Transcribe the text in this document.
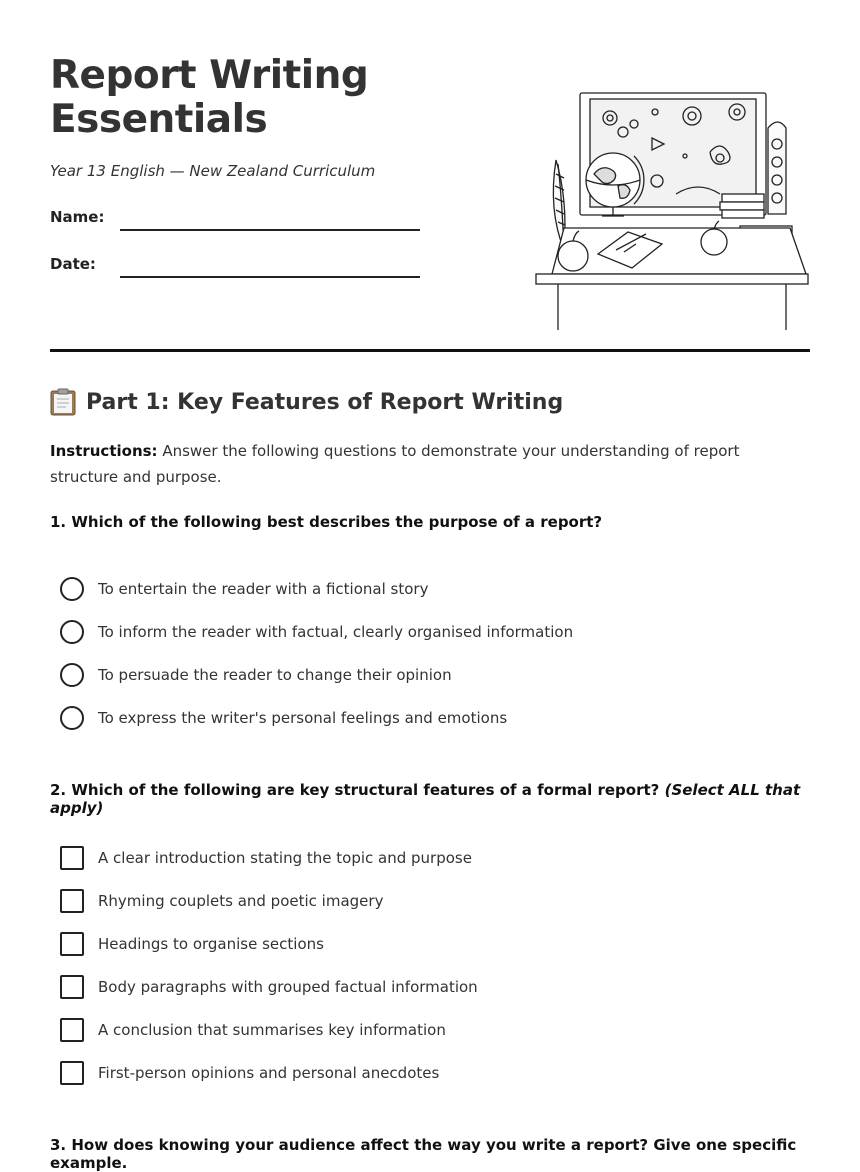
Report Writing
Essentials
Year 13 English — New Zealand Curriculum
Name:
Date:
Part 1: Key Features of Report Writing
Instructions: Answer the following questions to demonstrate your understanding of report structure and purpose.
1. Which of the following best describes the purpose of a report?
To entertain the reader with a fictional story
To inform the reader with factual, clearly organised information
To persuade the reader to change their opinion
To express the writer's personal feelings and emotions
2. Which of the following are key structural features of a formal report? (Select ALL that apply)
A clear introduction stating the topic and purpose
Rhyming couplets and poetic imagery
Headings to organise sections
Body paragraphs with grouped factual information
A conclusion that summarises key information
First-person opinions and personal anecdotes
3. How does knowing your audience affect the way you write a report? Give one specific example.
